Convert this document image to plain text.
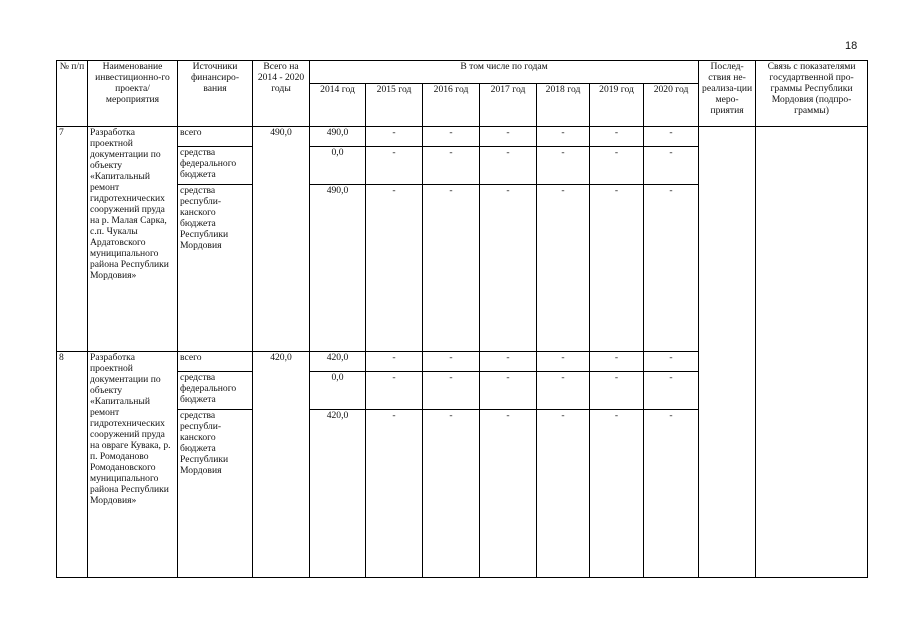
18
№ п/п	Наименование инвестиционно-го проекта/ мероприятия	Источники финансиро-вания	Всего на 2014 - 2020 годы	В том числе по годам							Послед-ствия не-реализа-ции меро-приятия	Связь с показателями государтвенной про-граммы Республики Мордовия (подпро-граммы)
				2014 год	2015 год	2016 год	2017 год	2018 год	2019 год	2020 год		
7	Разработка проектной документации по объекту «Капитальный ремонт гидротехнических сооружений пруда на р. Малая Сарка, с.п. Чукалы Ардатовского муниципального района Республики Мордовия»	всего	490,0	490,0	-	-	-	-	-	-		
		средства федерального бюджета		0,0	-	-	-	-	-	-		
		средства республи-канского бюджета Республики Мордовия		490,0	-	-	-	-	-	-		
8	Разработка проектной документации по объекту «Капитальный ремонт гидротехнических сооружений пруда на овраге Кувака, р. п. Ромоданово Ромодановского муниципального района Республики Мордовия»	всего	420,0	420,0	-	-	-	-	-	-		
		средства федерального бюджета		0,0	-	-	-	-	-	-		
		средства республи-канского бюджета Республики Мордовия		420,0	-	-	-	-	-	-		
